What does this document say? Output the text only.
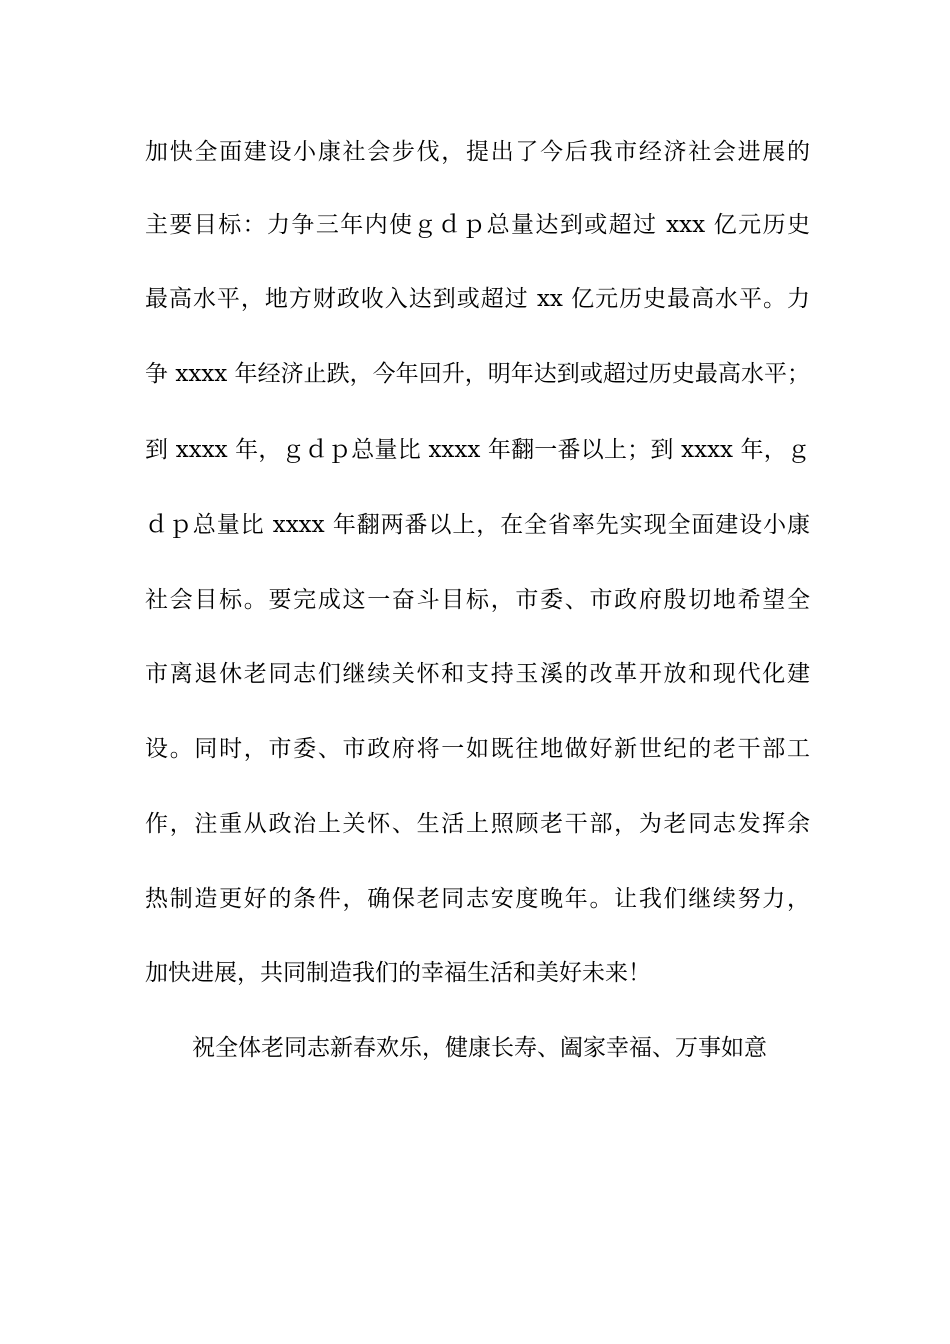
加快全面建设小康社会步伐，提出了今后我市经济社会进展的
主要目标：力争三年内使ｇｄｐ总量达到或超过 xxx 亿元历史
最高水平，地方财政收入达到或超过 xx 亿元历史最高水平。力
争 xxxx 年经济止跌，今年回升，明年达到或超过历史最高水平；
到 xxxx 年，ｇｄｐ总量比 xxxx 年翻一番以上；到 xxxx 年，ｇ
ｄｐ总量比 xxxx 年翻两番以上，在全省率先实现全面建设小康
社会目标。要完成这一奋斗目标，市委、市政府殷切地希望全
市离退休老同志们继续关怀和支持玉溪的改革开放和现代化建
设。同时，市委、市政府将一如既往地做好新世纪的老干部工
作，注重从政治上关怀、生活上照顾老干部，为老同志发挥余
热制造更好的条件，确保老同志安度晚年。让我们继续努力，
加快进展，共同制造我们的幸福生活和美好未来！
祝全体老同志新春欢乐，健康长寿、阖家幸福、万事如意
